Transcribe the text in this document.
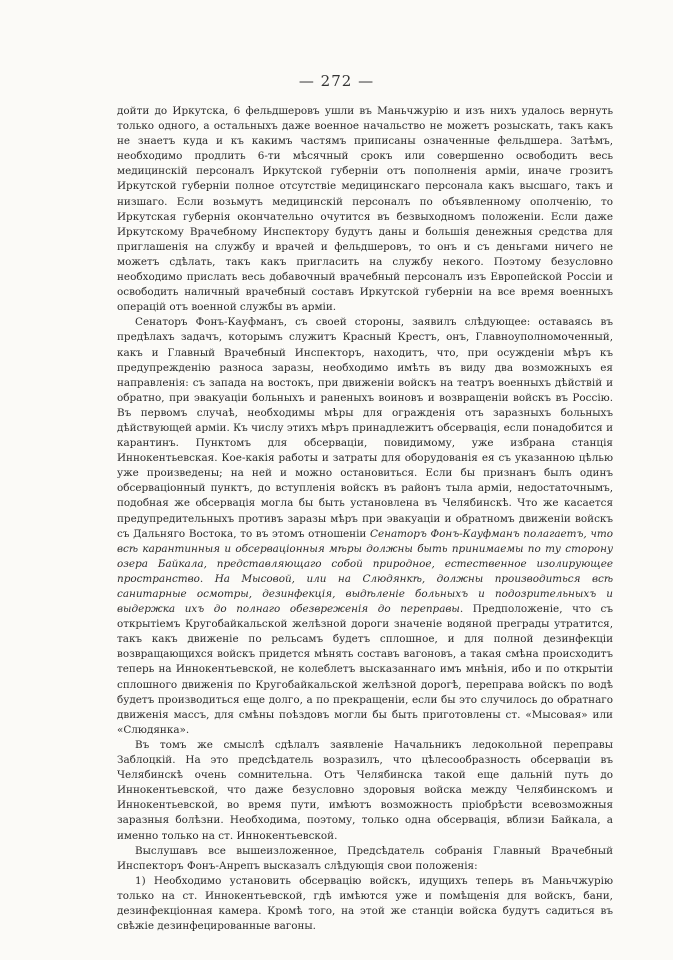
— 272 —

дойти до Иркутска, 6 фельдшеровъ ушли въ Маньчжурію и изъ нихъ удалось вернуть только одного, а остальныхъ даже военное начальство не можетъ розыскать, такъ какъ не знаетъ куда и къ какимъ частямъ приписаны означенные фельдшера. Затѣмъ, необходимо продлить 6-ти мѣсячный срокъ или совершенно освободить весь медицинскій персоналъ Иркутской губерніи отъ пополненія арміи, иначе грозитъ Иркутской губерніи полное отсутствіе медицинскаго персонала какъ высшаго, такъ и низшаго. Если возьмутъ медицинскій персоналъ по объявленному ополченію, то Иркутская губернія окончательно очутится въ безвыходномъ положеніи. Если даже Иркутскому Врачебному Инспектору будутъ даны и большія денежныя средства для приглашенія на службу и врачей и фельдшеровъ, то онъ и съ деньгами ничего не можетъ сдѣлать, такъ какъ пригласить на службу некого. Поэтому безусловно необходимо прислать весь добавочный врачебный персоналъ изъ Европейской Россіи и освободить наличный врачебный составъ Иркутской губерніи на все время военныхъ операцій отъ военной службы въ арміи.

Сенаторъ Фонъ-Кауфманъ, съ своей стороны, заявилъ слѣдующее: оставаясь въ предѣлахъ задачъ, которымъ служитъ Красный Крестъ, онъ, Главноуполномоченный, какъ и Главный Врачебный Инспекторъ, находитъ, что, при осужденіи мѣръ къ предупрежденію разноса заразы, необходимо имѣть въ виду два возможныхъ ея направленія: съ запада на востокъ, при движеніи войскъ на театръ военныхъ дѣйствій и обратно, при эвакуаціи больныхъ и раненыхъ воиновъ и возвращеніи войскъ въ Россію. Въ первомъ случаѣ, необходимы мѣры для огражденія отъ заразныхъ больныхъ дѣйствующей арміи. Къ числу этихъ мѣръ принадлежитъ обсервація, если понадобится и карантинъ. Пунктомъ для обсерваціи, повидимому, уже избрана станція Иннокентьевская. Кое-какія работы и затраты для оборудованія ея съ указанною цѣлью уже произведены; на ней и можно остановиться. Если бы признанъ былъ одинъ обсерваціонный пунктъ, до вступленія войскъ въ районъ тыла арміи, недостаточнымъ, подобная же обсервація могла бы быть установлена въ Челябинскѣ. Что же касается предупредительныхъ противъ заразы мѣръ при эвакуаціи и обратномъ движеніи войскъ съ Дальняго Востока, то въ этомъ отношеніи Сенаторъ Фонъ-Кауфманъ полагаетъ, что всѣ карантинныя и обсерваціонныя мѣры должны быть принимаемы по ту сторону озера Байкала, представляющаго собой природное, естественное изолирующее пространство. На Мысовой, или на Слюдянкѣ, должны производиться всѣ санитарные осмотры, дезинфекція, выдѣленіе больныхъ и подозрительныхъ и выдержка ихъ до полнаго обезвреженія до переправы. Предположеніе, что съ открытіемъ Кругобайкальской желѣзной дороги значеніе водяной преграды утратится, такъ какъ движеніе по рельсамъ будетъ сплошное, и для полной дезинфекціи возвращающихся войскъ придется мѣнять составъ вагоновъ, а такая смѣна происходитъ теперь на Иннокентьевской, не колеблетъ высказаннаго имъ мнѣнія, ибо и по открытіи сплошного движенія по Кругобайкальской желѣзной дорогѣ, переправа войскъ по водѣ будетъ производиться еще долго, а по прекращеніи, если бы это случилось до обратнаго движенія массъ, для смѣны поѣздовъ могли бы быть приготовлены ст. «Мысовая» или «Слюдянка».

Въ томъ же смыслѣ сдѣлалъ заявленіе Начальникъ ледокольной переправы Заблоцкій. На это предсѣдатель возразилъ, что цѣлесообразность обсерваціи въ Челябинскѣ очень сомнительна. Отъ Челябинска такой еще дальній путь до Иннокентьевской, что даже безусловно здоровыя войска между Челябинскомъ и Иннокентьевской, во время пути, имѣютъ возможность пріобрѣсти всевозможныя заразныя болѣзни. Необходима, поэтому, только одна обсервація, вблизи Байкала, а именно только на ст. Иннокентьевской.

Выслушавъ все вышеизложенное, Предсѣдатель собранія Главный Врачебный Инспекторъ Фонъ-Анрепъ высказалъ слѣдующія свои положенія:

1) Необходимо установить обсервацію войскъ, идущихъ теперь въ Маньчжурію только на ст. Иннокентьевской, гдѣ имѣются уже и помѣщенія для войскъ, бани, дезинфекціонная камера. Кромѣ того, на этой же станціи войска будутъ садиться въ свѣжіе дезинфецированные вагоны.
